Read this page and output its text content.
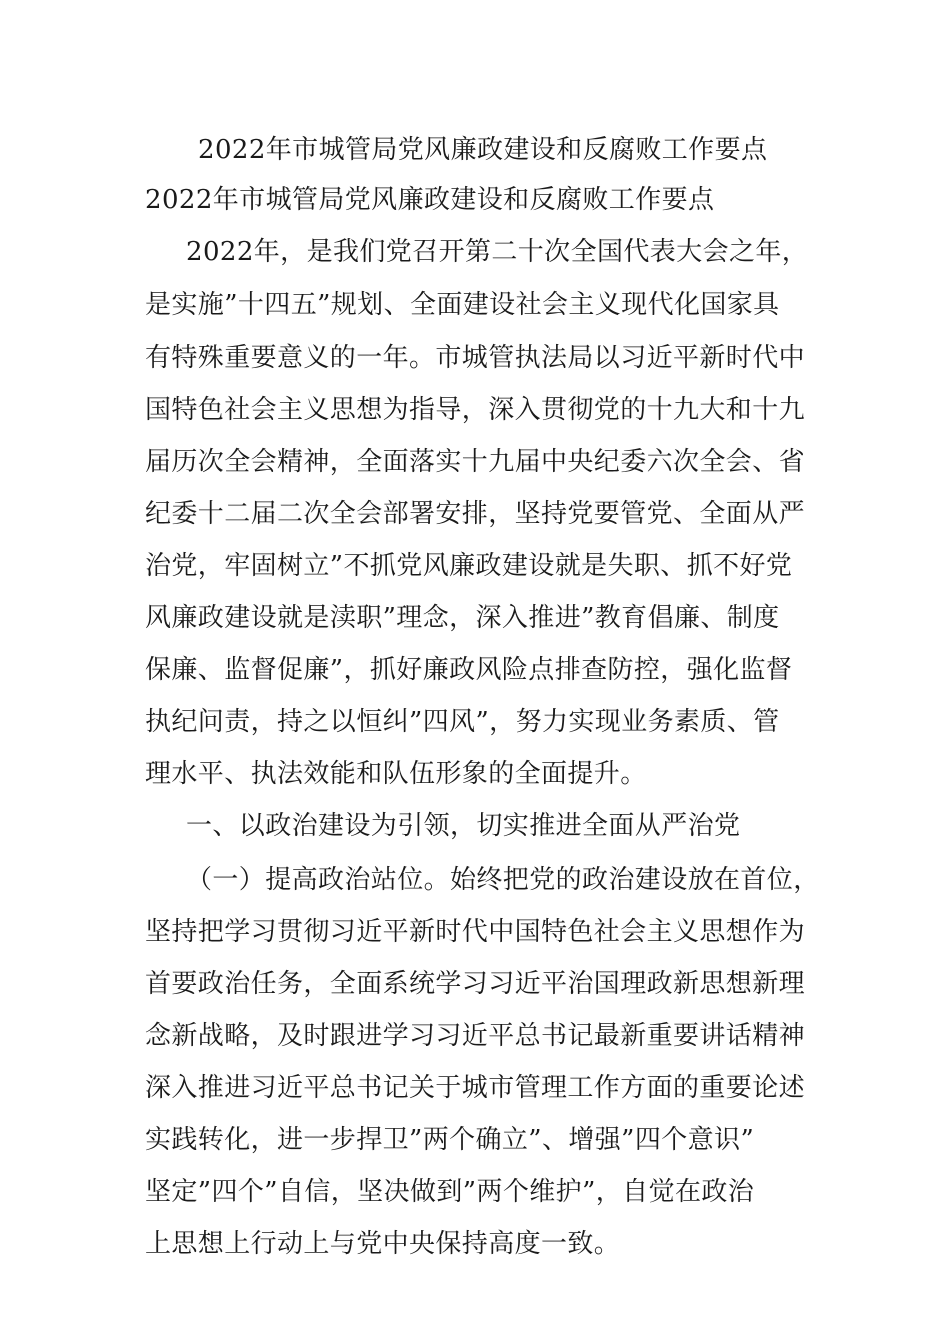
2022年市城管局党风廉政建设和反腐败工作要点
2022年市城管局党风廉政建设和反腐败工作要点
2022年，是我们党召开第二十次全国代表大会之年，
是实施”十四五”规划、全面建设社会主义现代化国家具
有特殊重要意义的一年。市城管执法局以习近平新时代中
国特色社会主义思想为指导，深入贯彻党的十九大和十九
届历次全会精神，全面落实十九届中央纪委六次全会、省
纪委十二届二次全会部署安排，坚持党要管党、全面从严
治党，牢固树立”不抓党风廉政建设就是失职、抓不好党
风廉政建设就是渎职”理念，深入推进”教育倡廉、制度
保廉、监督促廉”，抓好廉政风险点排查防控，强化监督
执纪问责，持之以恒纠”四风”，努力实现业务素质、管
理水平、执法效能和队伍形象的全面提升。
一、以政治建设为引领，切实推进全面从严治党
（一）提高政治站位。始终把党的政治建设放在首位，
坚持把学习贯彻习近平新时代中国特色社会主义思想作为
首要政治任务，全面系统学习习近平治国理政新思想新理
念新战略，及时跟进学习习近平总书记最新重要讲话精神
深入推进习近平总书记关于城市管理工作方面的重要论述
实践转化，进一步捍卫”两个确立”、增强”四个意识”
坚定”四个”自信，坚决做到”两个维护”，自觉在政治
上思想上行动上与党中央保持高度一致。
